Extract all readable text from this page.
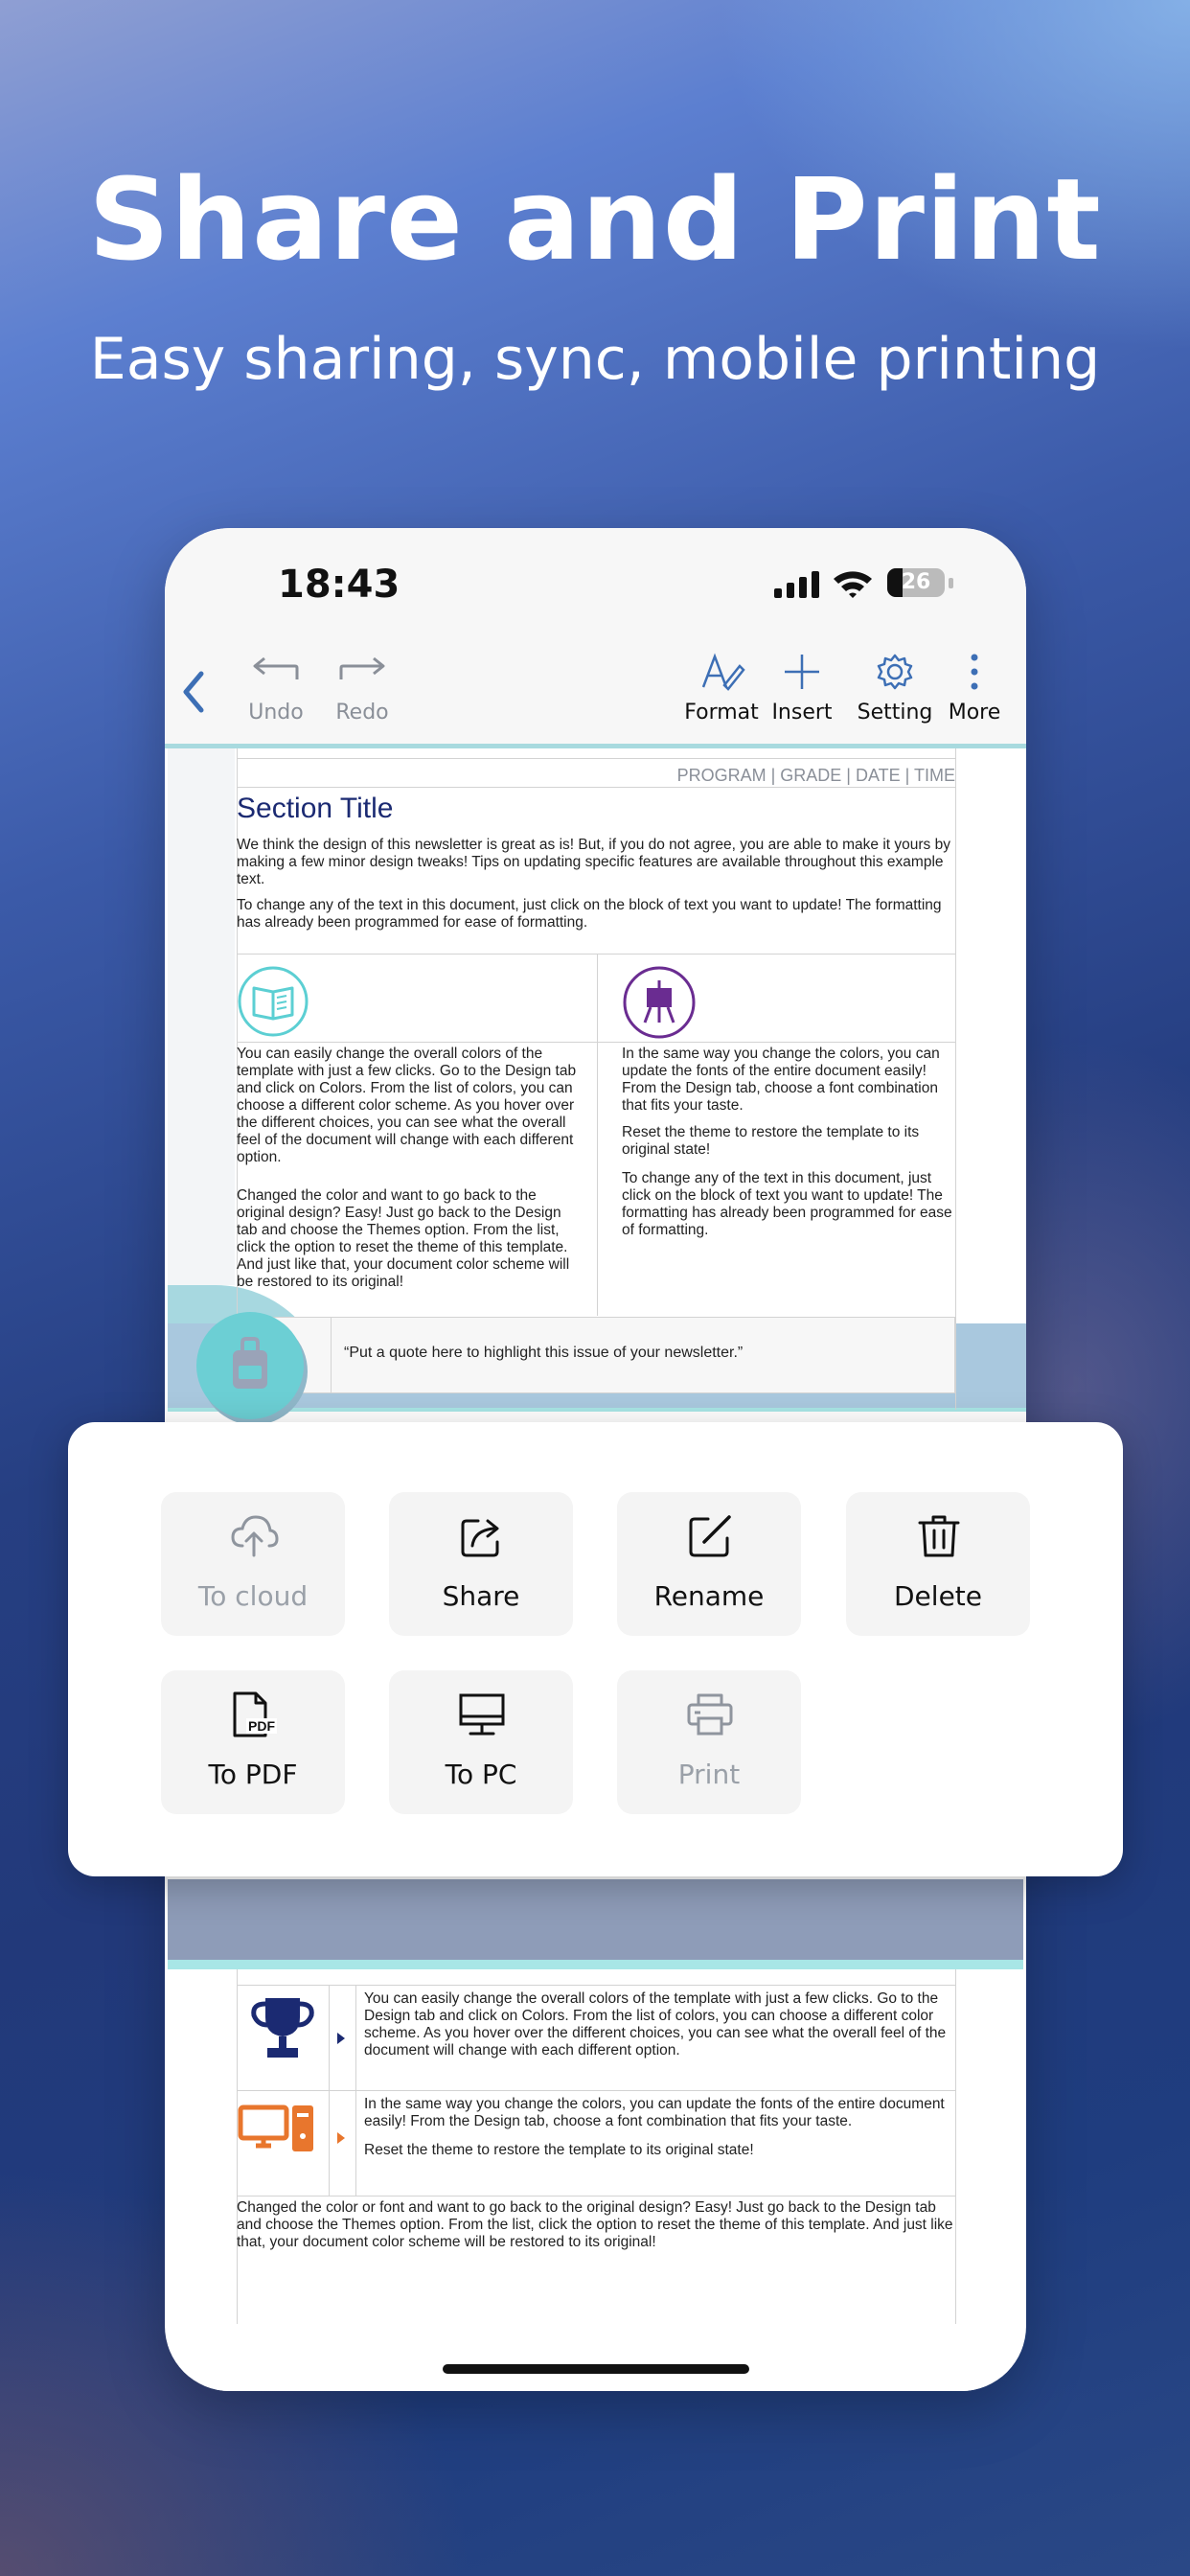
Share and Print
Easy sharing, sync, mobile printing
18:43	26
Undo Redo	Format Insert	Setting More
PROGRAM | GRADE | DATE | TIME
Section Title
We think the design of this newsletter is great as is! But, if you do not agree, you are able to make it yours by making a few minor design tweaks! Tips on updating specific features are available throughout this example text.
To change any of the text in this document, just click on the block of text you want to update! The formatting has already been programmed for ease of formatting.
You can easily change the overall colors of the template with just a few clicks. Go to the Design tab and click on Colors. From the list of colors, you can choose a different color scheme. As you hover over the different choices, you can see what the overall feel of the document will change with each different option.
Changed the color and want to go back to the original design? Easy! Just go back to the Design tab and choose the Themes option. From the list, click the option to reset the theme of this template. And just like that, your document color scheme will be restored to its original!
In the same way you change the colors, you can update the fonts of the entire document easily! From the Design tab, choose a font combination that fits your taste.
Reset the theme to restore the template to its original state!
To change any of the text in this document, just click on the block of text you want to update! The formatting has already been programmed for ease of formatting.
“Put a quote here to highlight this issue of your newsletter.”
You can easily change the overall colors of the template with just a few clicks. Go to the Design tab and click on Colors. From the list of colors, you can choose a different color scheme. As you hover over the different choices, you can see what the overall feel of the document will change with each different option.
In the same way you change the colors, you can update the fonts of the entire document easily! From the Design tab, choose a font combination that fits your taste.
Reset the theme to restore the template to its original state!
Changed the color or font and want to go back to the original design? Easy! Just go back to the Design tab and choose the Themes option. From the list, click the option to reset the theme of this template. And just like that, your document color scheme will be restored to its original!
To cloud	Share	Rename	Delete
PDF
To PDF	To PC	Print
